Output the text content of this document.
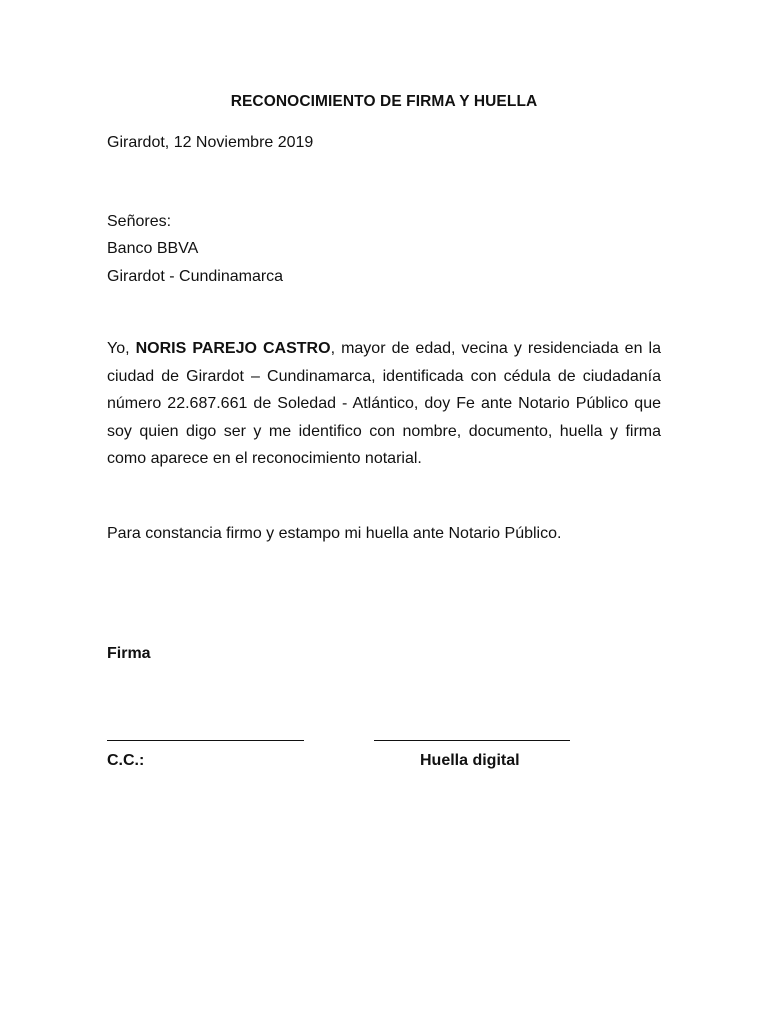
RECONOCIMIENTO DE FIRMA Y HUELLA
Girardot, 12 Noviembre 2019
Señores:
Banco BBVA
Girardot - Cundinamarca
Yo, NORIS PAREJO CASTRO, mayor de edad, vecina y residenciada en la ciudad de Girardot – Cundinamarca, identificada con cédula de ciudadanía número 22.687.661 de Soledad - Atlántico, doy Fe ante Notario Público que soy quien digo ser y me identifico con nombre, documento, huella y firma como aparece en el reconocimiento notarial.
Para constancia firmo y estampo mi huella ante Notario Público.
Firma
C.C.:	Huella digital
